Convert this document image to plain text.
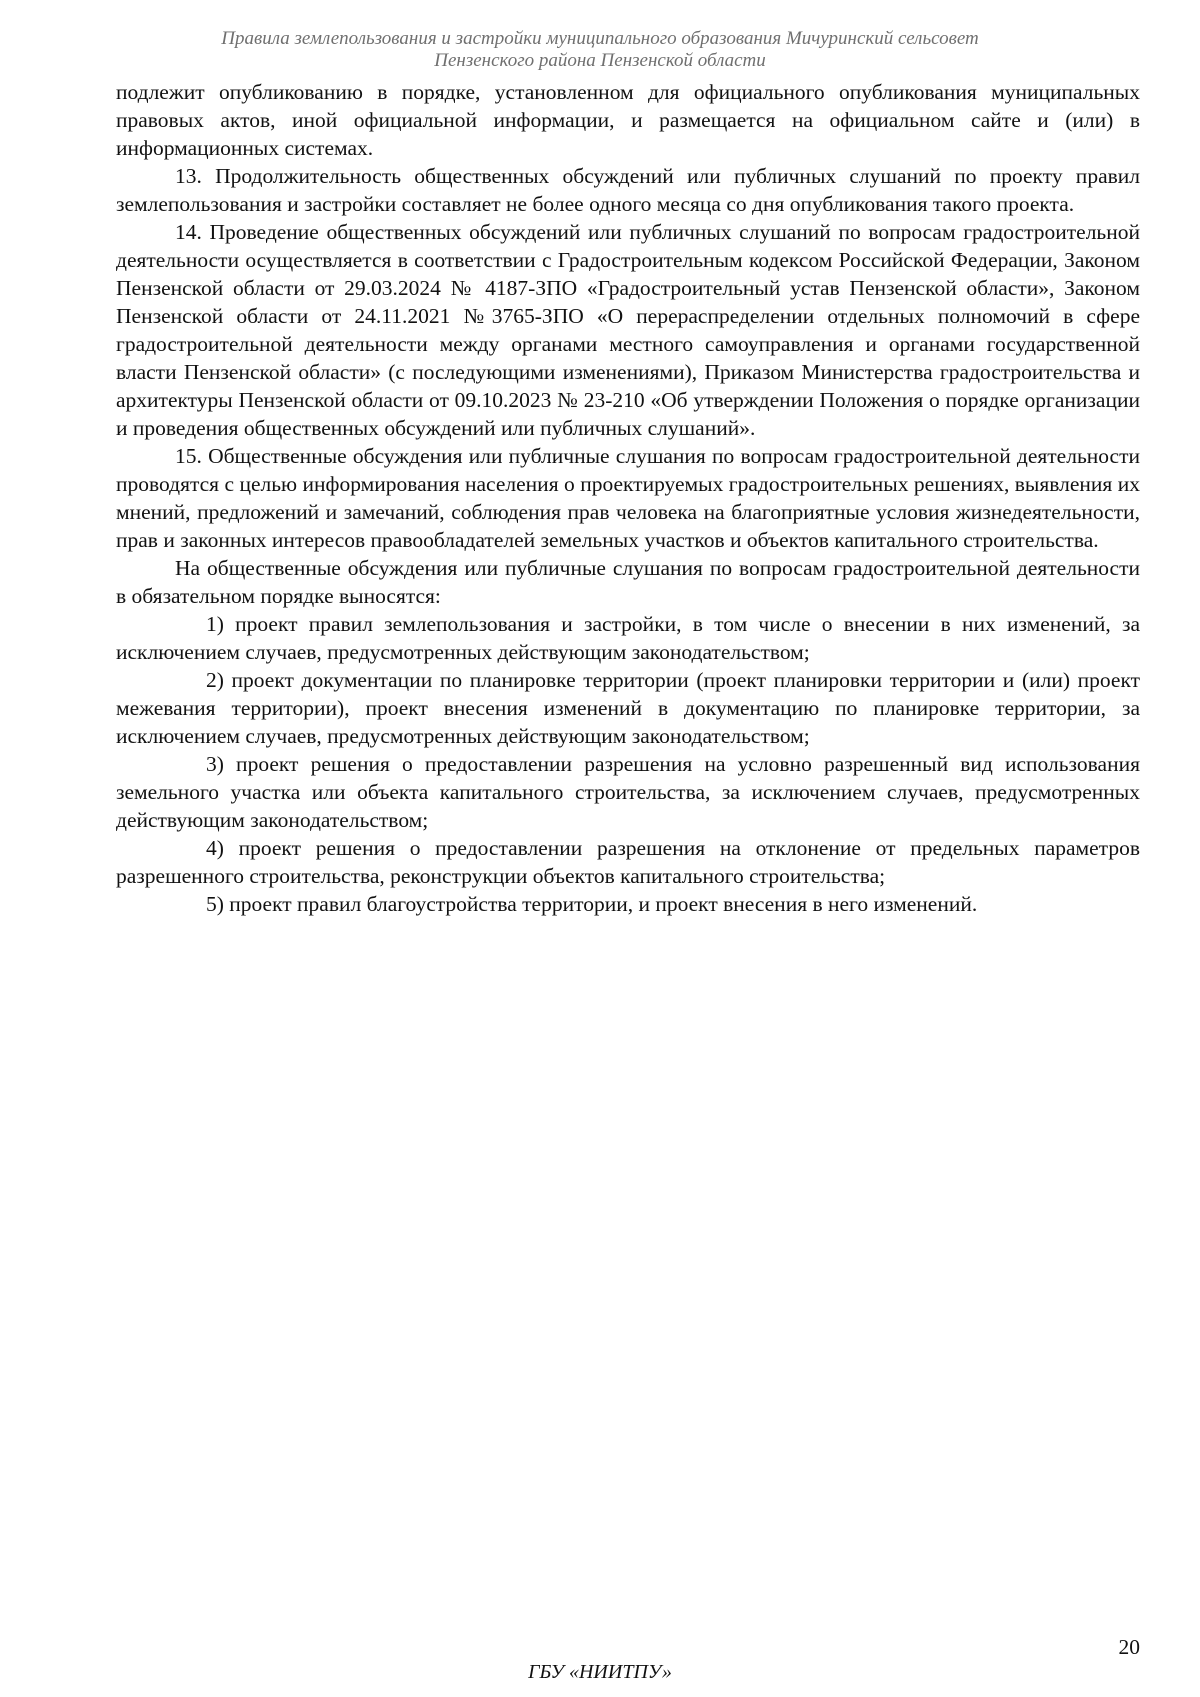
Правила землепользования и застройки муниципального образования Мичуринский сельсовет
Пензенского района Пензенской области

подлежит опубликованию в порядке, установленном для официального опубликования муниципальных правовых актов, иной официальной информации, и размещается на официальном сайте и (или) в информационных системах.

13. Продолжительность общественных обсуждений или публичных слушаний по проекту правил землепользования и застройки составляет не более одного месяца со дня опубликования такого проекта.

14. Проведение общественных обсуждений или публичных слушаний по вопросам градостроительной деятельности осуществляется в соответствии с Градостроительным кодексом Российской Федерации, Законом Пензенской области от 29.03.2024 № 4187-ЗПО «Градостроительный устав Пензенской области», Законом Пензенской области от 24.11.2021 №3765-ЗПО «О перераспределении отдельных полномочий в сфере градостроительной деятельности между органами местного самоуправления и органами государственной власти Пензенской области» (с последующими изменениями), Приказом Министерства градостроительства и архитектуры Пензенской области от 09.10.2023 № 23-210 «Об утверждении Положения о порядке организации и проведения общественных обсуждений или публичных слушаний».

15. Общественные обсуждения или публичные слушания по вопросам градостроительной деятельности проводятся с целью информирования населения о проектируемых градостроительных решениях, выявления их мнений, предложений и замечаний, соблюдения прав человека на благоприятные условия жизнедеятельности, прав и законных интересов правообладателей земельных участков и объектов капитального строительства.

На общественные обсуждения или публичные слушания по вопросам градостроительной деятельности в обязательном порядке выносятся:

1) проект правил землепользования и застройки, в том числе о внесении в них изменений, за исключением случаев, предусмотренных действующим законодательством;

2) проект документации по планировке территории (проект планировки территории и (или) проект межевания территории), проект внесения изменений в документацию по планировке территории, за исключением случаев, предусмотренных действующим законодательством;

3) проект решения о предоставлении разрешения на условно разрешенный вид использования земельного участка или объекта капитального строительства, за исключением случаев, предусмотренных действующим законодательством;

4) проект решения о предоставлении разрешения на отклонение от предельных параметров разрешенного строительства, реконструкции объектов капитального строительства;

5) проект правил благоустройства территории, и проект внесения в него изменений.

20
ГБУ «НИИТПУ»
